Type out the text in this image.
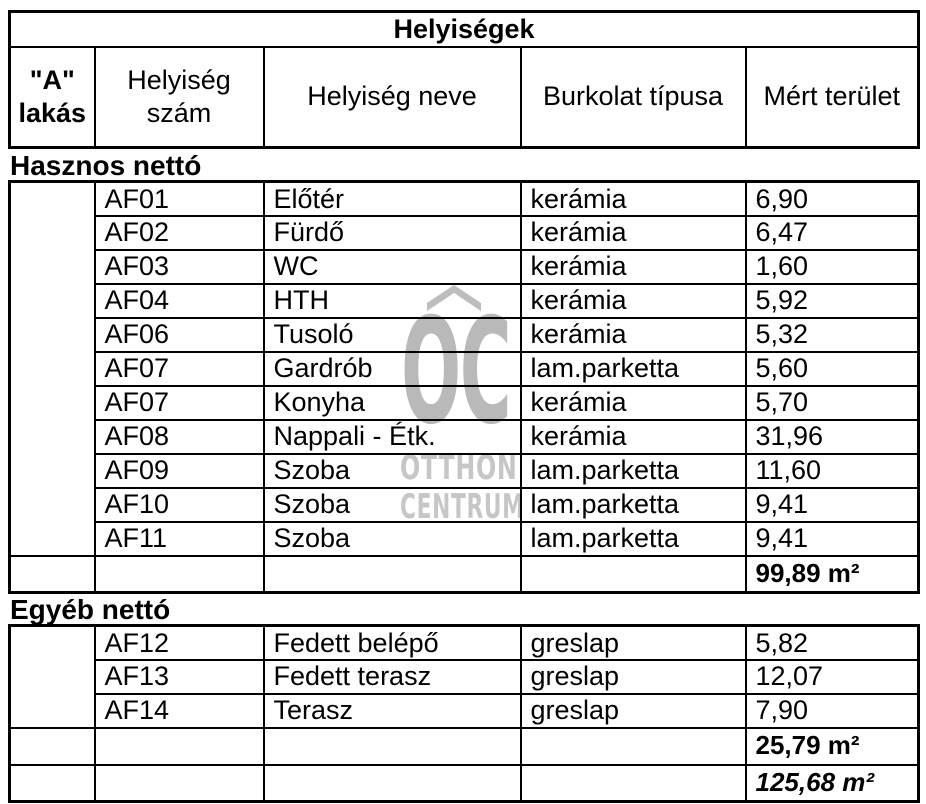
OC
OTTHON
CENTRUM
Helyiségek
"A" lakás	Helyiség szám	Helyiség neve	Burkolat típusa	Mért terület
Hasznos nettó
	AF01	Előtér	kerámia	6,90
	AF02	Fürdő	kerámia	6,47
	AF03	WC	kerámia	1,60
	AF04	HTH	kerámia	5,92
	AF06	Tusoló	kerámia	5,32
	AF07	Gardrób	lam.parketta	5,60
	AF07	Konyha	kerámia	5,70
	AF08	Nappali - Étk.	kerámia	31,96
	AF09	Szoba	lam.parketta	11,60
	AF10	Szoba	lam.parketta	9,41
	AF11	Szoba	lam.parketta	9,41
				99,89 m²
Egyéb nettó
	AF12	Fedett belépő	greslap	5,82
	AF13	Fedett terasz	greslap	12,07
	AF14	Terasz	greslap	7,90
				25,79 m²
				125,68 m²
